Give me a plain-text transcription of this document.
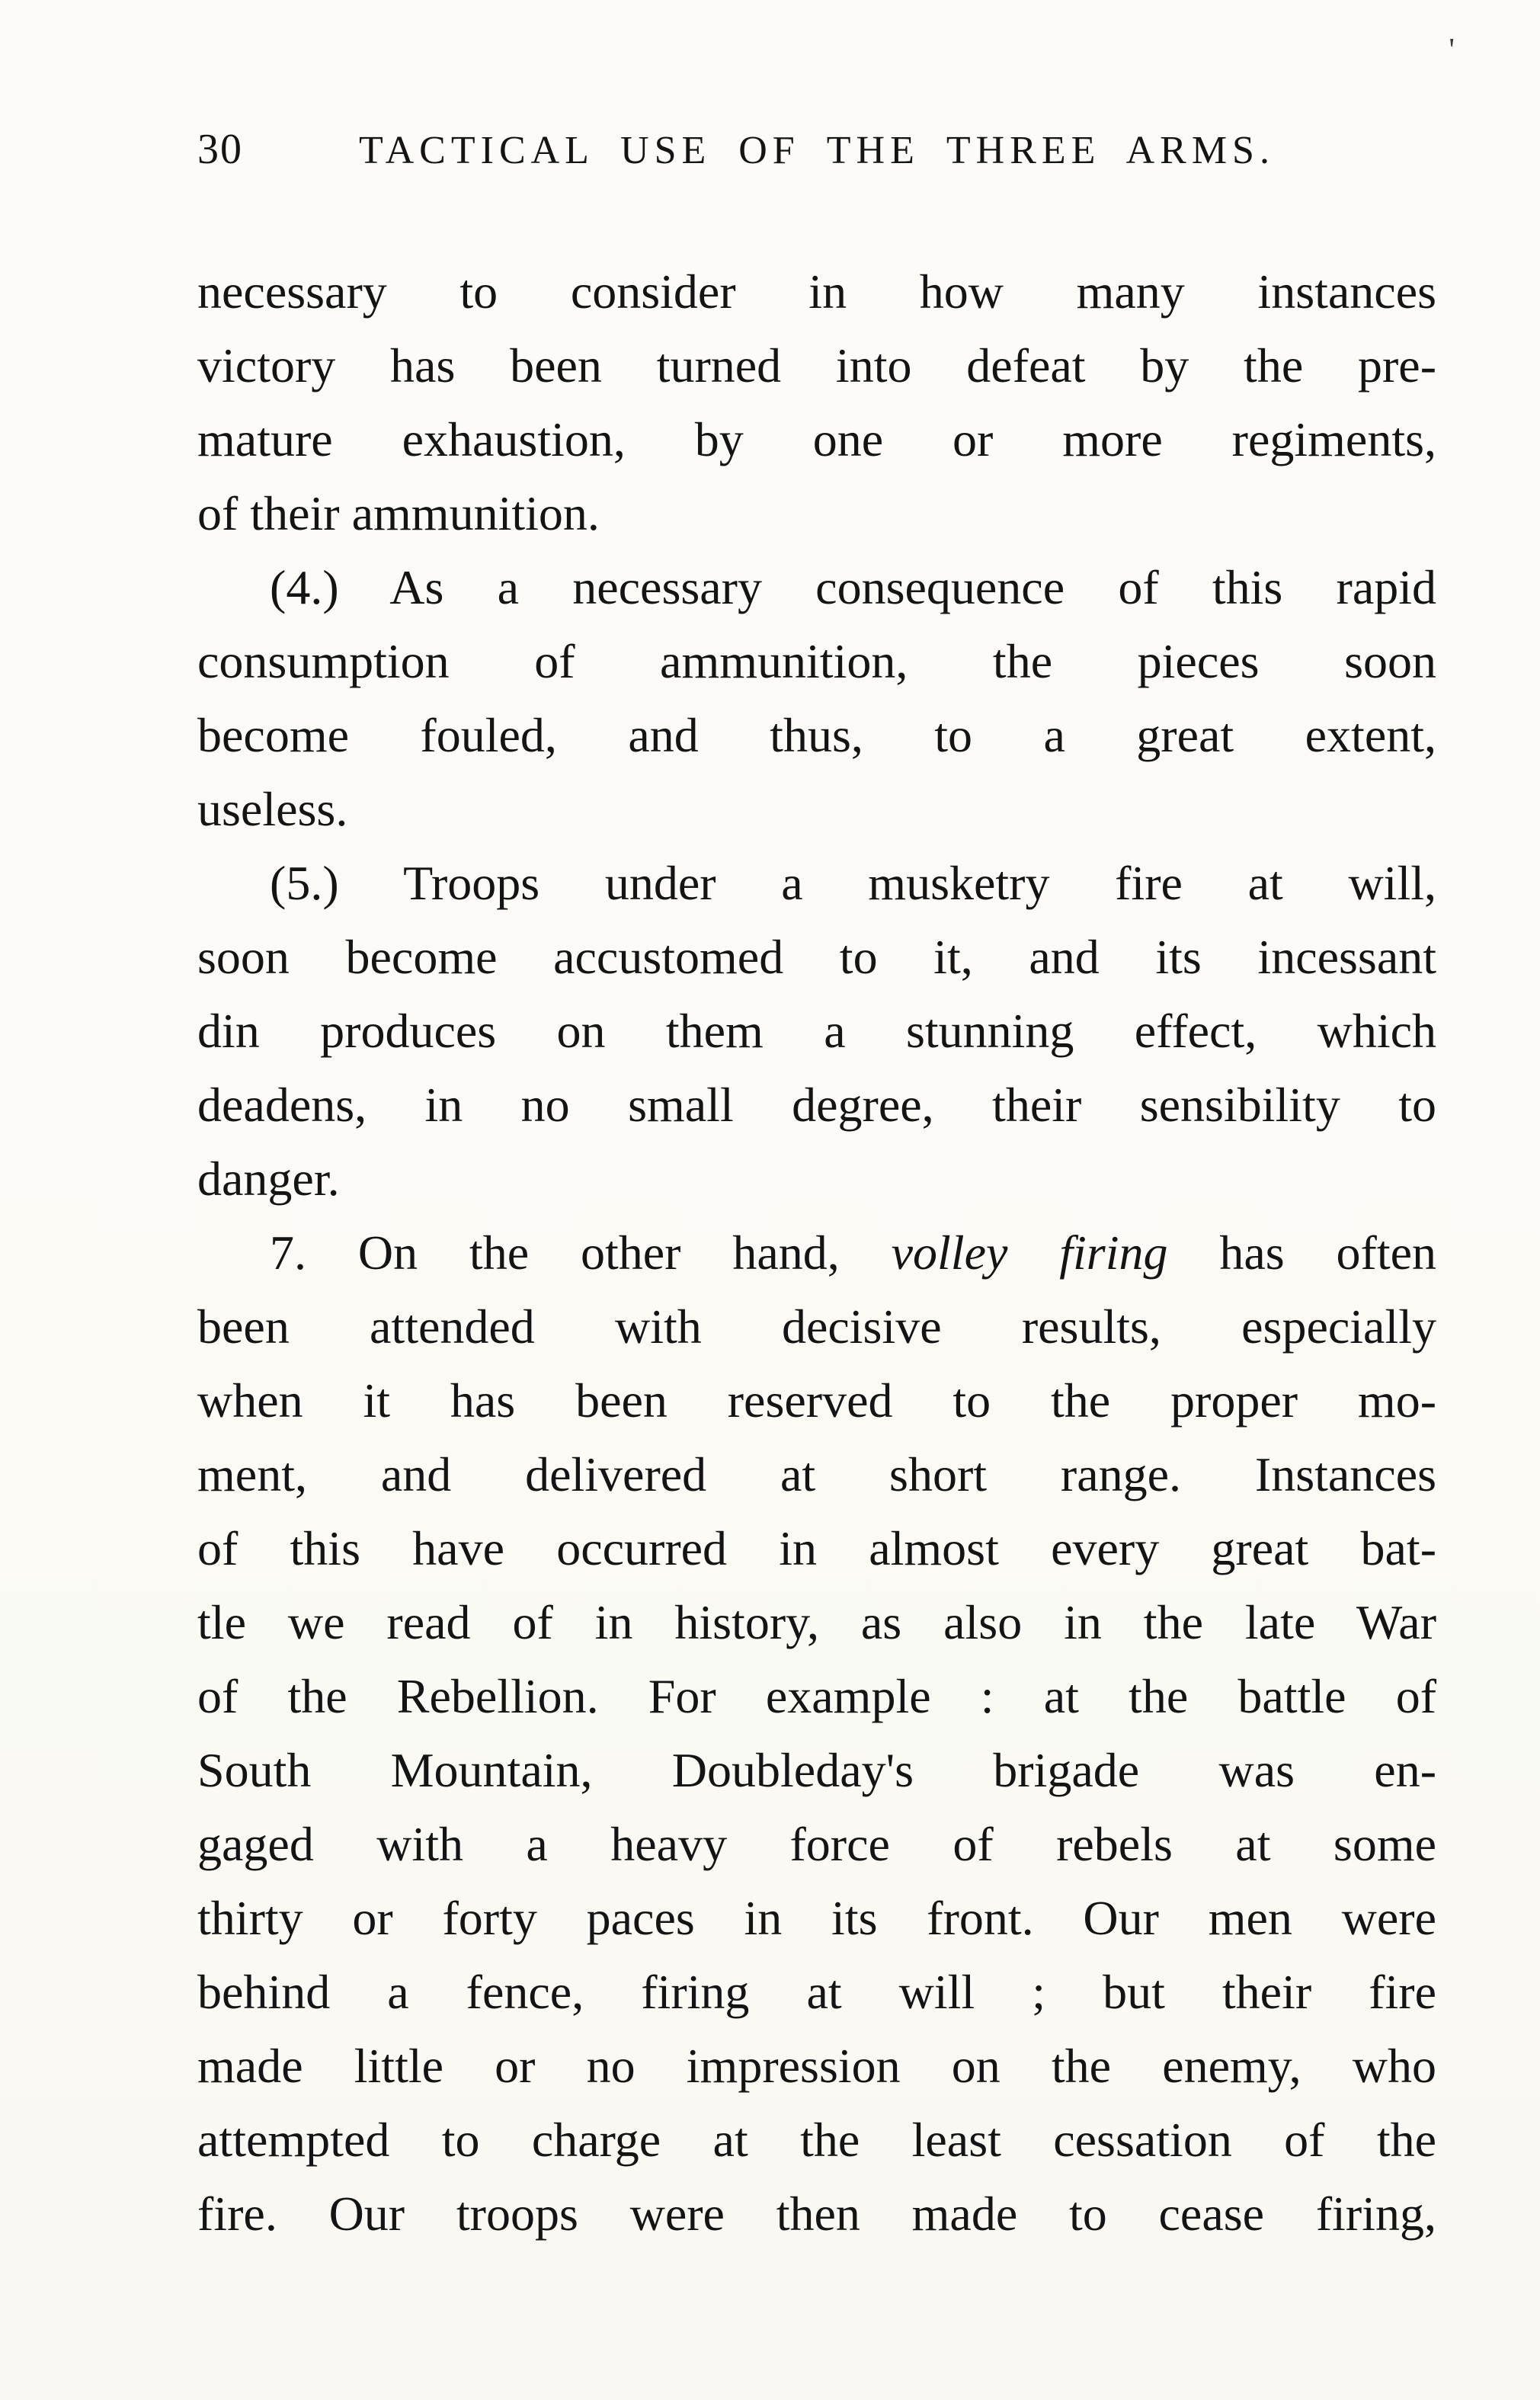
30	TACTICAL USE OF THE THREE ARMS.
'
necessary to consider in how many instances
victory has been turned into defeat by the pre-
mature exhaustion, by one or more regiments,
of their ammunition.
(4.) As a necessary consequence of this rapid
consumption of ammunition, the pieces soon
become fouled, and thus, to a great extent,
useless.
(5.) Troops under a musketry fire at will,
soon become accustomed to it, and its incessant
din produces on them a stunning effect, which
deadens, in no small degree, their sensibility to
danger.
7. On the other hand, volley firing has often
been attended with decisive results, especially
when it has been reserved to the proper mo-
ment, and delivered at short range. Instances
of this have occurred in almost every great bat-
tle we read of in history, as also in the late War
of the Rebellion. For example : at the battle of
South Mountain, Doubleday's brigade was en-
gaged with a heavy force of rebels at some
thirty or forty paces in its front. Our men were
behind a fence, firing at will ; but their fire
made little or no impression on the enemy, who
attempted to charge at the least cessation of the
fire. Our troops were then made to cease firing,
